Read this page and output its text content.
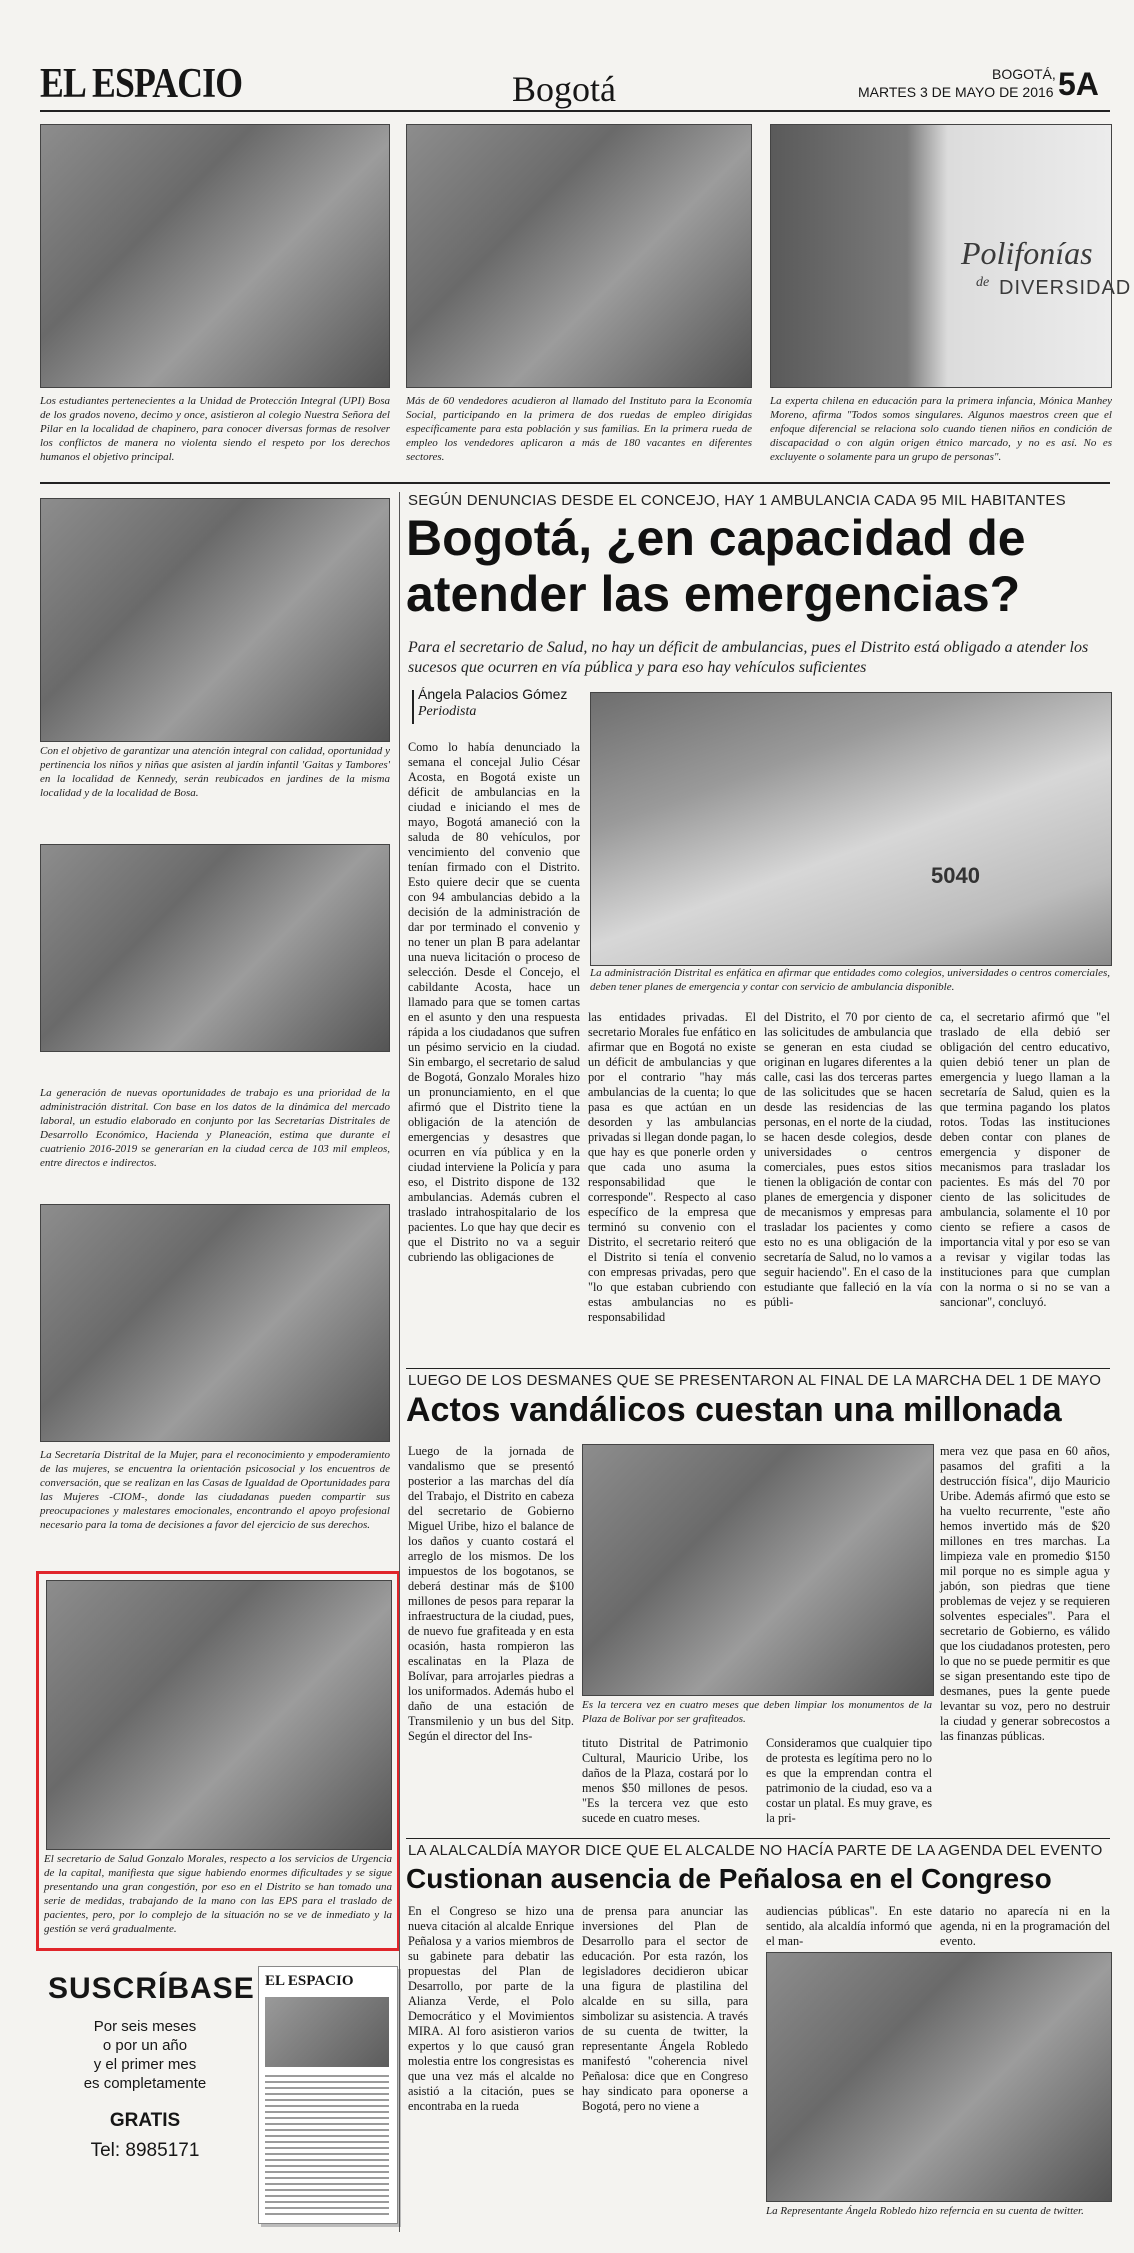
EL ESPACIO	Bogotá	BOGOTÁ,
MARTES 3 DE MAYO DE 2016 5A
Los estudiantes pertenecientes a la Unidad de Protección Integral (UPI) Bosa de los grados noveno, decimo y once, asistieron al colegio Nuestra Señora del Pilar en la localidad de chapinero, para conocer diversas formas de resolver los conflictos de manera no violenta siendo el respeto por los derechos humanos el objetivo principal.
Más de 60 vendedores acudieron al llamado del Instituto para la Economía Social, participando en la primera de dos ruedas de empleo dirigidas específicamente para esta población y sus familias. En la primera rueda de empleo los vendedores aplicaron a más de 180 vacantes en diferentes sectores.
Polifonías
de DIVERSIDAD
La experta chilena en educación para la primera infancia, Mónica Manhey Moreno, afirma "Todos somos singulares. Algunos maestros creen que el enfoque diferencial se relaciona solo cuando tienen niños en condición de discapacidad o con algún origen étnico marcado, y no es así. No es excluyente o solamente para un grupo de personas".
Con el objetivo de garantizar una atención integral con calidad, oportunidad y pertinencia los niños y niñas que asisten al jardín infantil 'Gaitas y Tambores' en la localidad de Kennedy, serán reubicados en jardines de la misma localidad y de la localidad de Bosa.
La generación de nuevas oportunidades de trabajo es una prioridad de la administración distrital. Con base en los datos de la dinámica del mercado laboral, un estudio elaborado en conjunto por las Secretarías Distritales de Desarrollo Económico, Hacienda y Planeación, estima que durante el cuatrienio 2016-2019 se generarían en la ciudad cerca de 103 mil empleos, entre directos e indirectos.
La Secretaría Distrital de la Mujer, para el reconocimiento y empoderamiento de las mujeres, se encuentra la orientación psicosocial y los encuentros de conversación, que se realizan en las Casas de Igualdad de Oportunidades para las Mujeres -CIOM-, donde las ciudadanas pueden compartir sus preocupaciones y malestares emocionales, encontrando el apoyo profesional necesario para la toma de decisiones a favor del ejercicio de sus derechos.
El secretario de Salud Gonzalo Morales, respecto a los servicios de Urgencia de la capital, manifiesta que sigue habiendo enormes dificultades y se sigue presentando una gran congestión, por eso en el Distrito se han tomado una serie de medidas, trabajando de la mano con las EPS para el traslado de pacientes, pero, por lo complejo de la situación no se ve de inmediato y la gestión se verá gradualmente.
SUSCRÍBASE
Por seis meses
o por un año
y el primer mes
es completamente
GRATIS
Tel: 8985171
EL ESPACIO
SEGÚN DENUNCIAS DESDE EL CONCEJO, HAY 1 AMBULANCIA CADA 95 MIL HABITANTES
Bogotá, ¿en capacidad de
atender las emergencias?
Para el secretario de Salud, no hay un déficit de ambulancias, pues el Distrito está obligado a atender los sucesos que ocurren en vía pública y para eso hay vehículos suficientes
Ángela Palacios Gómez
Periodista
Como lo había denunciado la semana el concejal Julio César Acosta, en Bogotá existe un déficit de ambulancias en la ciudad e iniciando el mes de mayo, Bogotá amaneció con la saluda de 80 vehículos, por vencimiento del convenio que tenían firmado con el Distrito. Esto quiere decir que se cuenta con 94 ambulancias debido a la decisión de la administración de dar por terminado el convenio y no tener un plan B para adelantar una nueva licitación o proceso de selección. Desde el Concejo, el cabildante Acosta, hace un llamado para que se tomen cartas en el asunto y den una respuesta rápida a los ciudadanos que sufren un pésimo servicio en la ciudad. Sin embargo, el secretario de salud de Bogotá, Gonzalo Morales hizo un pronunciamiento, en el que afirmó que el Distrito tiene la obligación de la atención de emergencias y desastres que ocurren en vía pública y en la ciudad interviene la Policía y para eso, el Distrito dispone de 132 ambulancias. Además cubren el traslado intrahospitalario de los pacientes. Lo que hay que decir es que el Distrito no va a seguir cubriendo las obligaciones de
5040
La administración Distrital es enfática en afirmar que entidades como colegios, universidades o centros comerciales, deben tener planes de emergencia y contar con servicio de ambulancia disponible.
las entidades privadas. El secretario Morales fue enfático en afirmar que en Bogotá no existe un déficit de ambulancias y que por el contrario "hay más ambulancias de la cuenta; lo que pasa es que actúan en un desorden y las ambulancias privadas si llegan donde pagan, lo que hay es que ponerle orden y que cada uno asuma la responsabilidad que le corresponde". Respecto al caso específico de la empresa que terminó su convenio con el Distrito, el secretario reiteró que el Distrito si tenía el convenio con empresas privadas, pero que "lo que estaban cubriendo con estas ambulancias no es responsabilidad
del Distrito, el 70 por ciento de las solicitudes de ambulancia que se generan en esta ciudad se originan en lugares diferentes a la calle, casi las dos terceras partes de las solicitudes que se hacen desde las residencias de las personas, en el norte de la ciudad, se hacen desde colegios, desde universidades o centros comerciales, pues estos sitios tienen la obligación de contar con planes de emergencia y disponer de mecanismos y empresas para trasladar los pacientes y como esto no es una obligación de la secretaría de Salud, no lo vamos a seguir haciendo". En el caso de la estudiante que falleció en la vía públi-
ca, el secretario afirmó que "el traslado de ella debió ser obligación del centro educativo, quien debió tener un plan de emergencia y luego llaman a la secretaría de Salud, quien es la que termina pagando los platos rotos. Todas las instituciones deben contar con planes de emergencia y disponer de mecanismos para trasladar los pacientes. Es más del 70 por ciento de las solicitudes de ambulancia, solamente el 10 por ciento se refiere a casos de importancia vital y por eso se van a revisar y vigilar todas las instituciones para que cumplan con la norma o si no se van a sancionar", concluyó.
LUEGO DE LOS DESMANES QUE SE PRESENTARON AL FINAL DE LA MARCHA DEL 1 DE MAYO
Actos vandálicos cuestan una millonada
Luego de la jornada de vandalismo que se presentó posterior a las marchas del día del Trabajo, el Distrito en cabeza del secretario de Gobierno Miguel Uribe, hizo el balance de los daños y cuanto costará el arreglo de los mismos. De los impuestos de los bogotanos, se deberá destinar más de $100 millones de pesos para reparar la infraestructura de la ciudad, pues, de nuevo fue grafiteada y en esta ocasión, hasta rompieron las escalinatas en la Plaza de Bolívar, para arrojarles piedras a los uniformados. Además hubo el daño de una estación de Transmilenio y un bus del Sitp. Según el director del Ins-
Es la tercera vez en cuatro meses que deben limpiar los monumentos de la Plaza de Bolívar por ser grafiteados.
tituto Distrital de Patrimonio Cultural, Mauricio Uribe, los daños de la Plaza, costará por lo menos $50 millones de pesos. "Es la tercera vez que esto sucede en cuatro meses.
Consideramos que cualquier tipo de protesta es legítima pero no lo es que la emprendan contra el patrimonio de la ciudad, eso va a costar un platal. Es muy grave, es la pri-
mera vez que pasa en 60 años, pasamos del grafiti a la destrucción física", dijo Mauricio Uribe. Además afirmó que esto se ha vuelto recurrente, "este año hemos invertido más de $20 millones en tres marchas. La limpieza vale en promedio $150 mil porque no es simple agua y jabón, son piedras que tiene problemas de vejez y se requieren solventes especiales". Para el secretario de Gobierno, es válido que los ciudadanos protesten, pero lo que no se puede permitir es que se sigan presentando este tipo de desmanes, pues la gente puede levantar su voz, pero no destruir la ciudad y generar sobrecostos a las finanzas públicas.
LA ALALCALDÍA MAYOR DICE QUE EL ALCALDE NO HACÍA PARTE DE LA AGENDA DEL EVENTO
Custionan ausencia de Peñalosa en el Congreso
En el Congreso se hizo una nueva citación al alcalde Enrique Peñalosa y a varios miembros de su gabinete para debatir las propuestas del Plan de Desarrollo, por parte de la Alianza Verde, el Polo Democrático y el Movimientos MIRA. Al foro asistieron varios expertos y lo que causó gran molestia entre los congresistas es que una vez más el alcalde no asistió a la citación, pues se encontraba en la rueda
de prensa para anunciar las inversiones del Plan de Desarrollo para el sector de educación. Por esta razón, los legisladores decidieron ubicar una figura de plastilina del alcalde en su silla, para simbolizar su asistencia. A través de su cuenta de twitter, la representante Ángela Robledo manifestó "coherencia nivel Peñalosa: dice que en Congreso hay sindicato para oponerse a Bogotá, pero no viene a
audiencias públicas". En este sentido, ala alcaldía informó que el man-
datario no aparecía ni en la agenda, ni en la programación del evento.
La Representante Ángela Robledo hizo referncia en su cuenta de twitter.
